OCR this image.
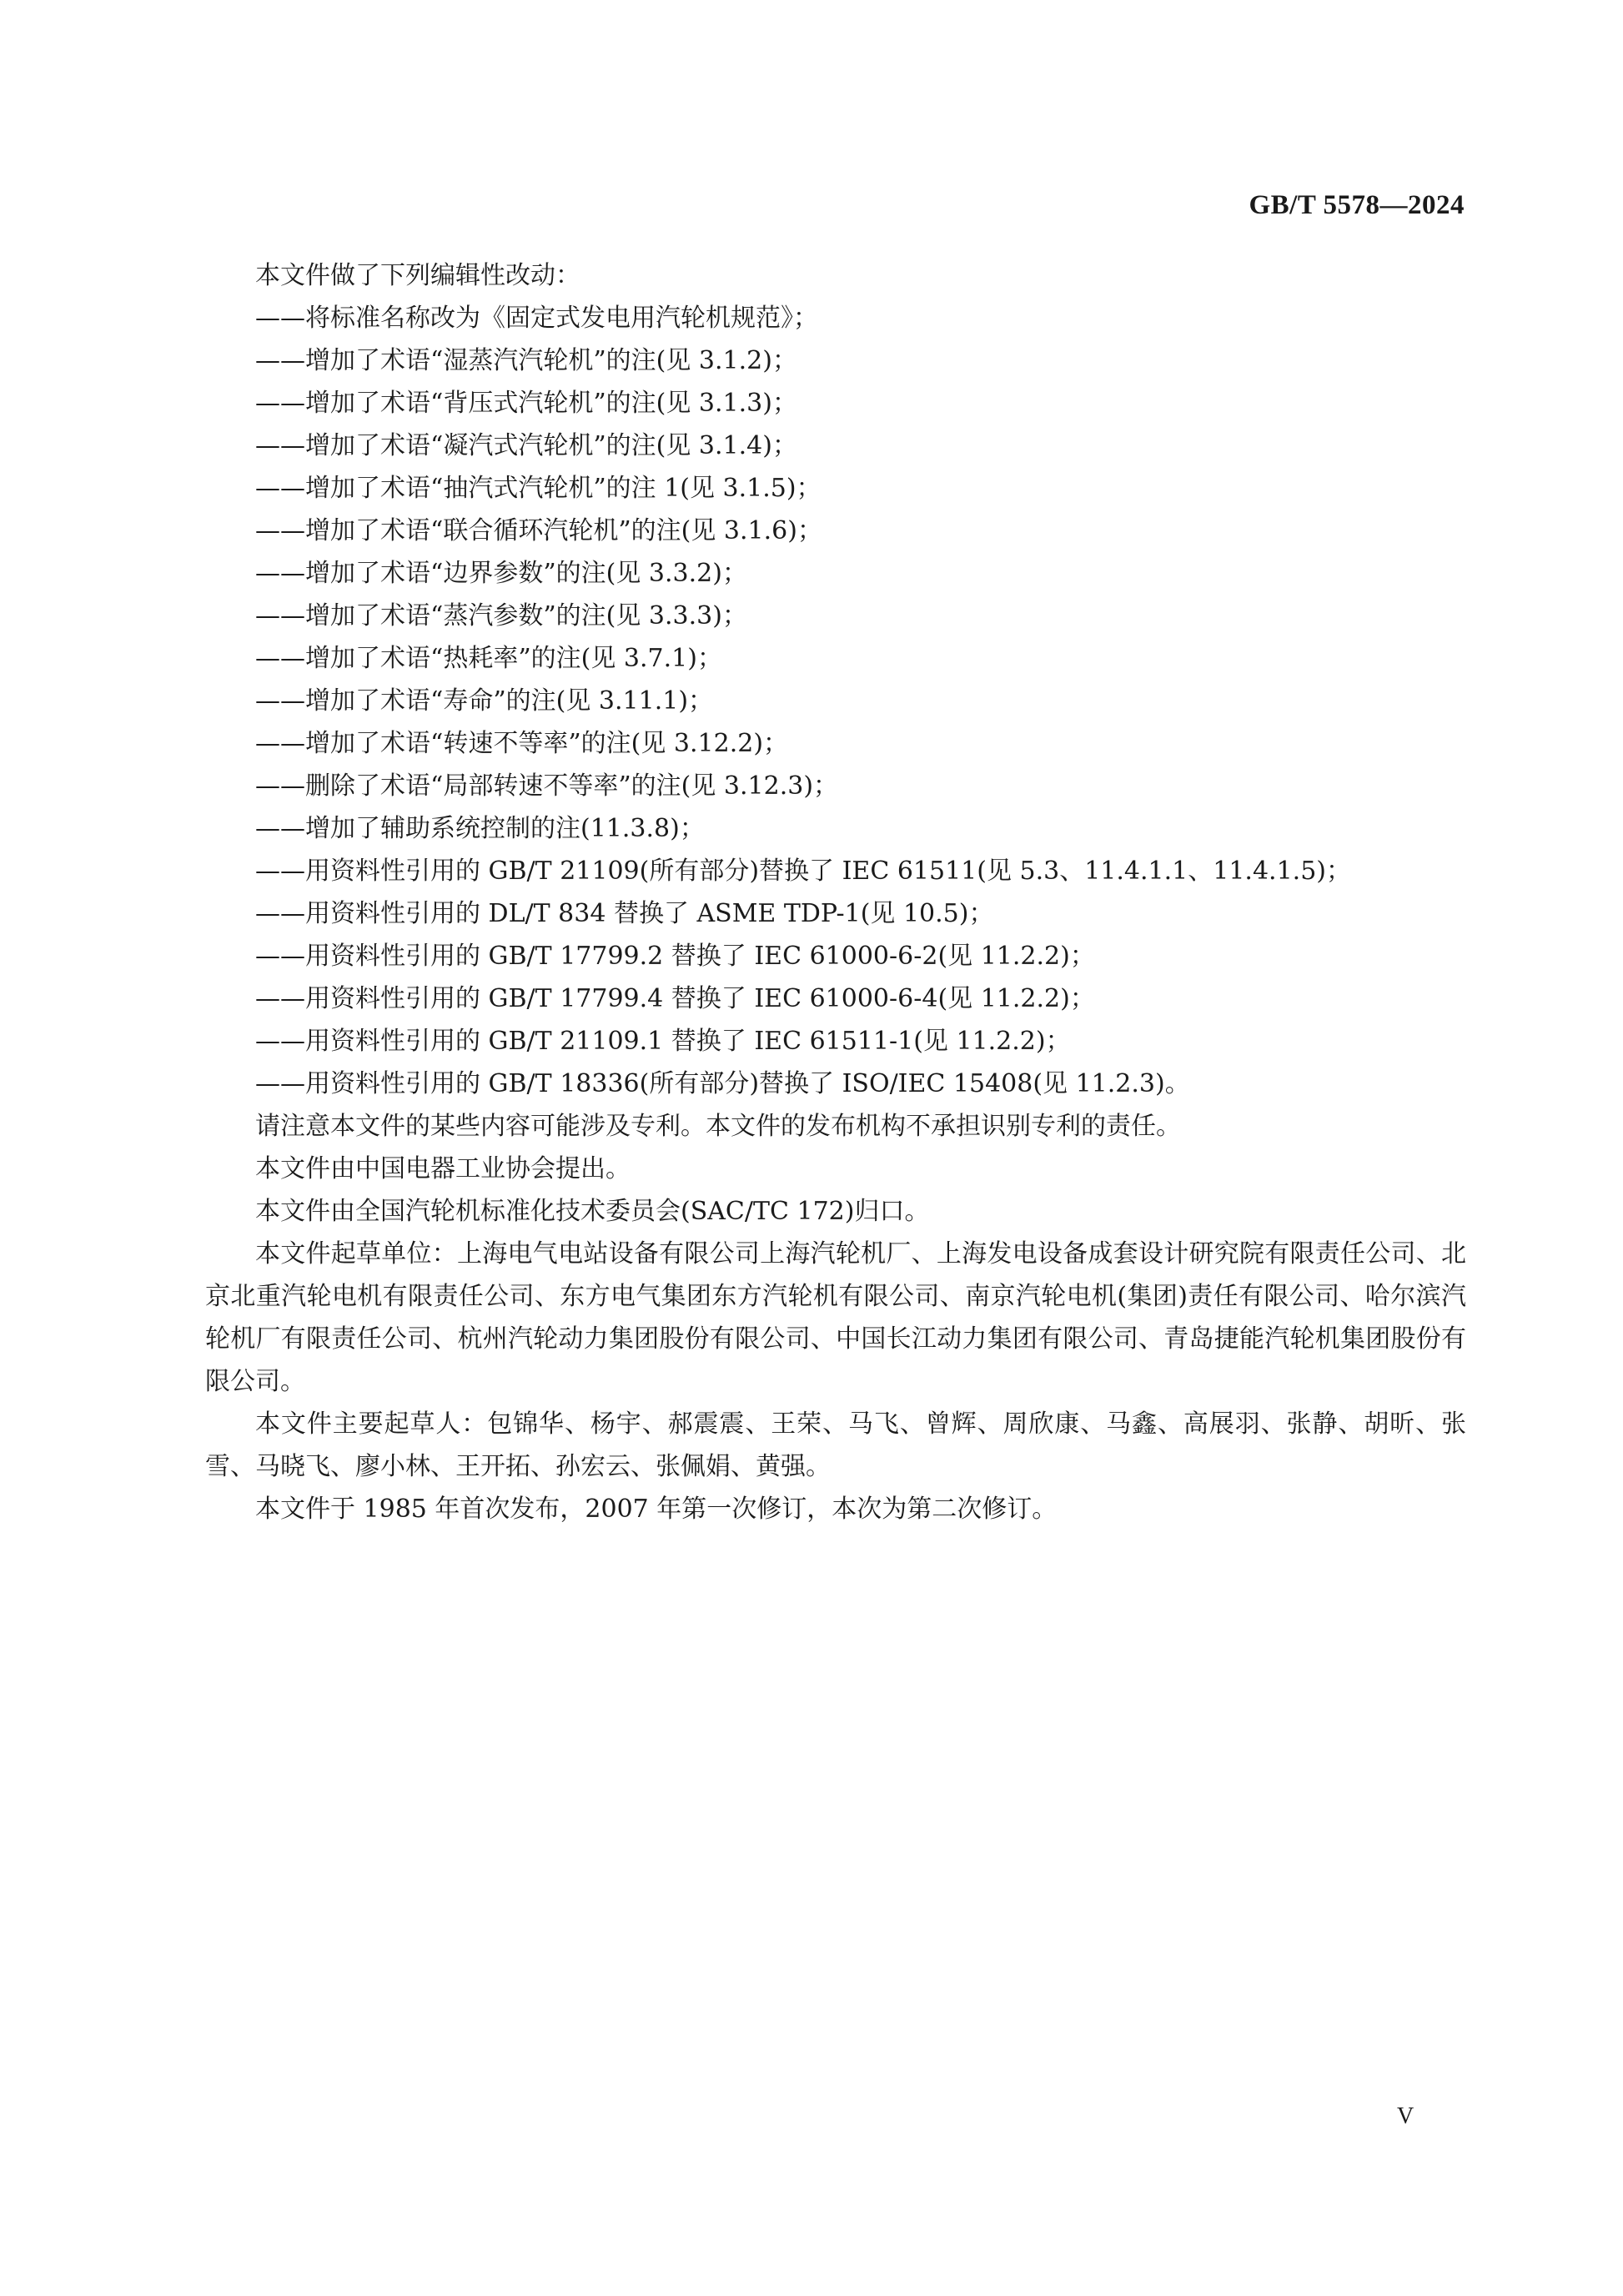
GB/T 5578—2024

本文件做了下列编辑性改动：

——将标准名称改为《固定式发电用汽轮机规范》；

——增加了术语“湿蒸汽汽轮机”的注(见 3.1.2)；

——增加了术语“背压式汽轮机”的注(见 3.1.3)；

——增加了术语“凝汽式汽轮机”的注(见 3.1.4)；

——增加了术语“抽汽式汽轮机”的注 1(见 3.1.5)；

——增加了术语“联合循环汽轮机”的注(见 3.1.6)；

——增加了术语“边界参数”的注(见 3.3.2)；

——增加了术语“蒸汽参数”的注(见 3.3.3)；

——增加了术语“热耗率”的注(见 3.7.1)；

——增加了术语“寿命”的注(见 3.11.1)；

——增加了术语“转速不等率”的注(见 3.12.2)；

——删除了术语“局部转速不等率”的注(见 3.12.3)；

——增加了辅助系统控制的注(11.3.8)；

——用资料性引用的 GB/T 21109(所有部分)替换了 IEC 61511(见 5.3、11.4.1.1、11.4.1.5)；

——用资料性引用的 DL/T 834 替换了 ASME TDP-1(见 10.5)；

——用资料性引用的 GB/T 17799.2 替换了 IEC 61000-6-2(见 11.2.2)；

——用资料性引用的 GB/T 17799.4 替换了 IEC 61000-6-4(见 11.2.2)；

——用资料性引用的 GB/T 21109.1 替换了 IEC 61511-1(见 11.2.2)；

——用资料性引用的 GB/T 18336(所有部分)替换了 ISO/IEC 15408(见 11.2.3)。

请注意本文件的某些内容可能涉及专利。本文件的发布机构不承担识别专利的责任。

本文件由中国电器工业协会提出。

本文件由全国汽轮机标准化技术委员会(SAC/TC 172)归口。

本文件起草单位：上海电气电站设备有限公司上海汽轮机厂、上海发电设备成套设计研究院有限责任公司、北京北重汽轮电机有限责任公司、东方电气集团东方汽轮机有限公司、南京汽轮电机(集团)责任有限公司、哈尔滨汽轮机厂有限责任公司、杭州汽轮动力集团股份有限公司、中国长江动力集团有限公司、青岛捷能汽轮机集团股份有限公司。

本文件主要起草人：包锦华、杨宇、郝震震、王荣、马飞、曾辉、周欣康、马鑫、高展羽、张静、胡昕、张雪、马晓飞、廖小林、王开拓、孙宏云、张佩娟、黄强。

本文件于 1985 年首次发布，2007 年第一次修订，本次为第二次修订。

V
